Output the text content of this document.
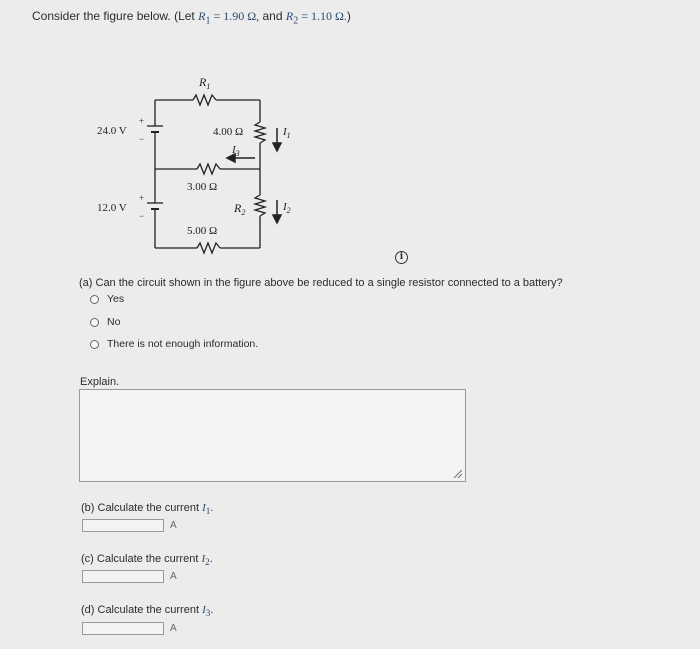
Consider the figure below. (Let $R_1 = 1.90$ Ω, and $R_2 = 1.10$ Ω.)
$R_1$
24.0 V
+
−
4.00 Ω	$I_1$
$I_3$
3.00 Ω
12.0 V
+
−
$R_2$	$I_2$
5.00 Ω
i
(a) Can the circuit shown in the figure above be reduced to a single resistor connected to a battery?
Yes
No
There is not enough information.
Explain.
(b) Calculate the current $I_1$.
A
(c) Calculate the current $I_2$.
A
(d) Calculate the current $I_3$.
A
